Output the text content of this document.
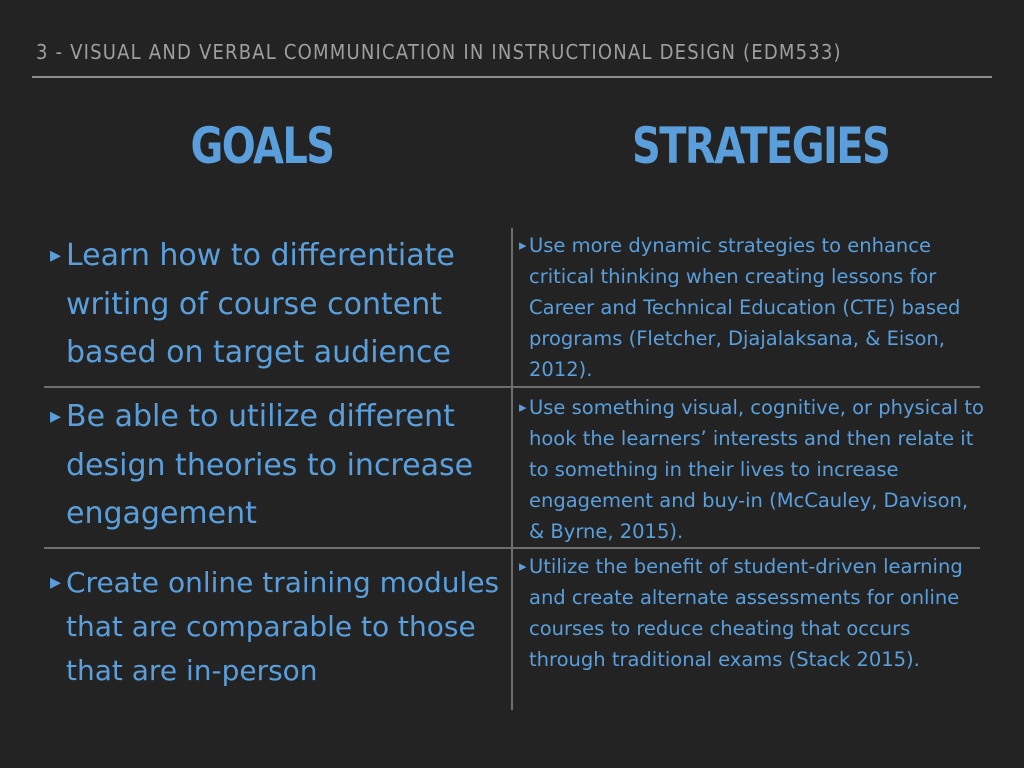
3 - VISUAL AND VERBAL COMMUNICATION IN INSTRUCTIONAL DESIGN (EDM533)
GOALS	STRATEGIES
▸ Learn how to differentiate writing of course content based on target audience
▸ Use more dynamic strategies to enhance critical thinking when creating lessons for Career and Technical Education (CTE) based programs (Fletcher, Djajalaksana, & Eison, 2012).
▸ Be able to utilize different design theories to increase engagement
▸ Use something visual, cognitive, or physical to hook the learners’ interests and then relate it to something in their lives to increase engagement and buy-in (McCauley, Davison, & Byrne, 2015).
▸ Create online training modules that are comparable to those that are in-person
▸ Utilize the benefit of student-driven learning and create alternate assessments for online courses to reduce cheating that occurs through traditional exams (Stack 2015).
